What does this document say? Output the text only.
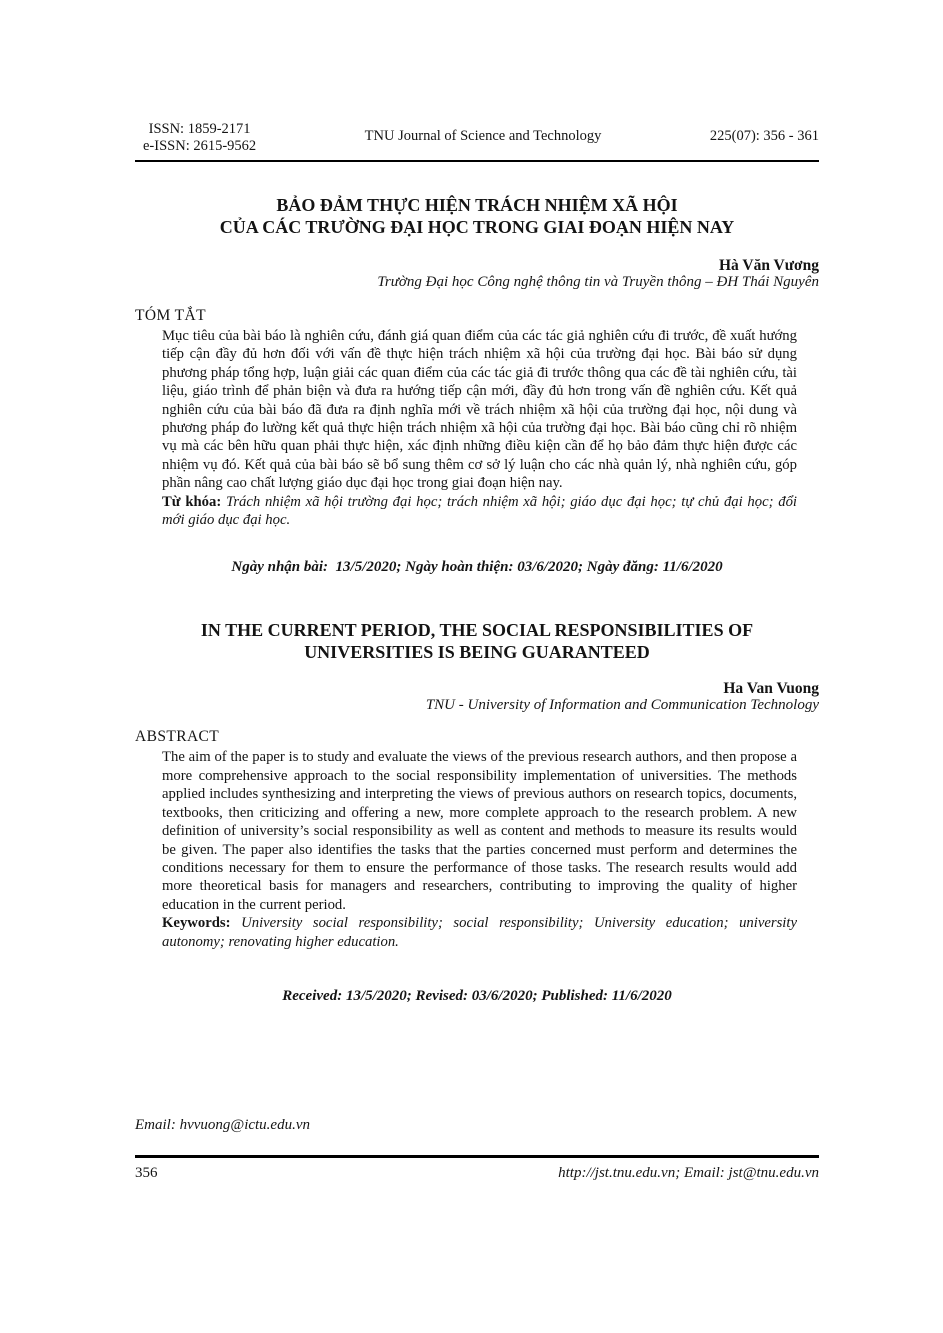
ISSN: 1859-2171
e-ISSN: 2615-9562
TNU Journal of Science and Technology	225(07): 356 - 361
BẢO ĐẢM THỰC HIỆN TRÁCH NHIỆM XÃ HỘI
CỦA CÁC TRƯỜNG ĐẠI HỌC TRONG GIAI ĐOẠN HIỆN NAY
Hà Văn Vương
Trường Đại học Công nghệ thông tin và Truyền thông – ĐH Thái Nguyên
TÓM TẮT

Mục tiêu của bài báo là nghiên cứu, đánh giá quan điểm của các tác giả nghiên cứu đi trước, đề xuất hướng tiếp cận đầy đủ hơn đối với vấn đề thực hiện trách nhiệm xã hội của trường đại học. Bài báo sử dụng phương pháp tổng hợp, luận giải các quan điểm của các tác giả đi trước thông qua các đề tài nghiên cứu, tài liệu, giáo trình để phản biện và đưa ra hướng tiếp cận mới, đầy đủ hơn trong vấn đề nghiên cứu. Kết quả nghiên cứu của bài báo đã đưa ra định nghĩa mới về trách nhiệm xã hội của trường đại học, nội dung và phương pháp đo lường kết quả thực hiện trách nhiệm xã hội của trường đại học. Bài báo cũng chỉ rõ nhiệm vụ mà các bên hữu quan phải thực hiện, xác định những điều kiện cần để họ bảo đảm thực hiện được các nhiệm vụ đó. Kết quả của bài báo sẽ bổ sung thêm cơ sở lý luận cho các nhà quản lý, nhà nghiên cứu, góp phần nâng cao chất lượng giáo dục đại học trong giai đoạn hiện nay.

Từ khóa: Trách nhiệm xã hội trường đại học; trách nhiệm xã hội; giáo dục đại học; tự chủ đại học; đổi mới giáo dục đại học.

Ngày nhận bài:  13/5/2020; Ngày hoàn thiện: 03/6/2020; Ngày đăng: 11/6/2020
IN THE CURRENT PERIOD, THE SOCIAL RESPONSIBILITIES OF
UNIVERSITIES IS BEING GUARANTEED
Ha Van Vuong
TNU - University of Information and Communication Technology
ABSTRACT

The aim of the paper is to study and evaluate the views of the previous research authors, and then propose a more comprehensive approach to the social responsibility implementation of universities. The methods applied includes synthesizing and interpreting the views of previous authors on research topics, documents, textbooks, then criticizing and offering a new, more complete approach to the research problem. A new definition of university’s social responsibility as well as content and methods to measure its results would be given. The paper also identifies the tasks that the parties concerned must perform and determines the conditions necessary for them to ensure the performance of those tasks. The research results would add more theoretical basis for managers and researchers, contributing to improving the quality of higher education in the current period.

Keywords: University social responsibility; social responsibility; University education; university autonomy; renovating higher education.

Received: 13/5/2020; Revised: 03/6/2020; Published: 11/6/2020
Email: hvvuong@ictu.edu.vn
356	http://jst.tnu.edu.vn; Email: jst@tnu.edu.vn
